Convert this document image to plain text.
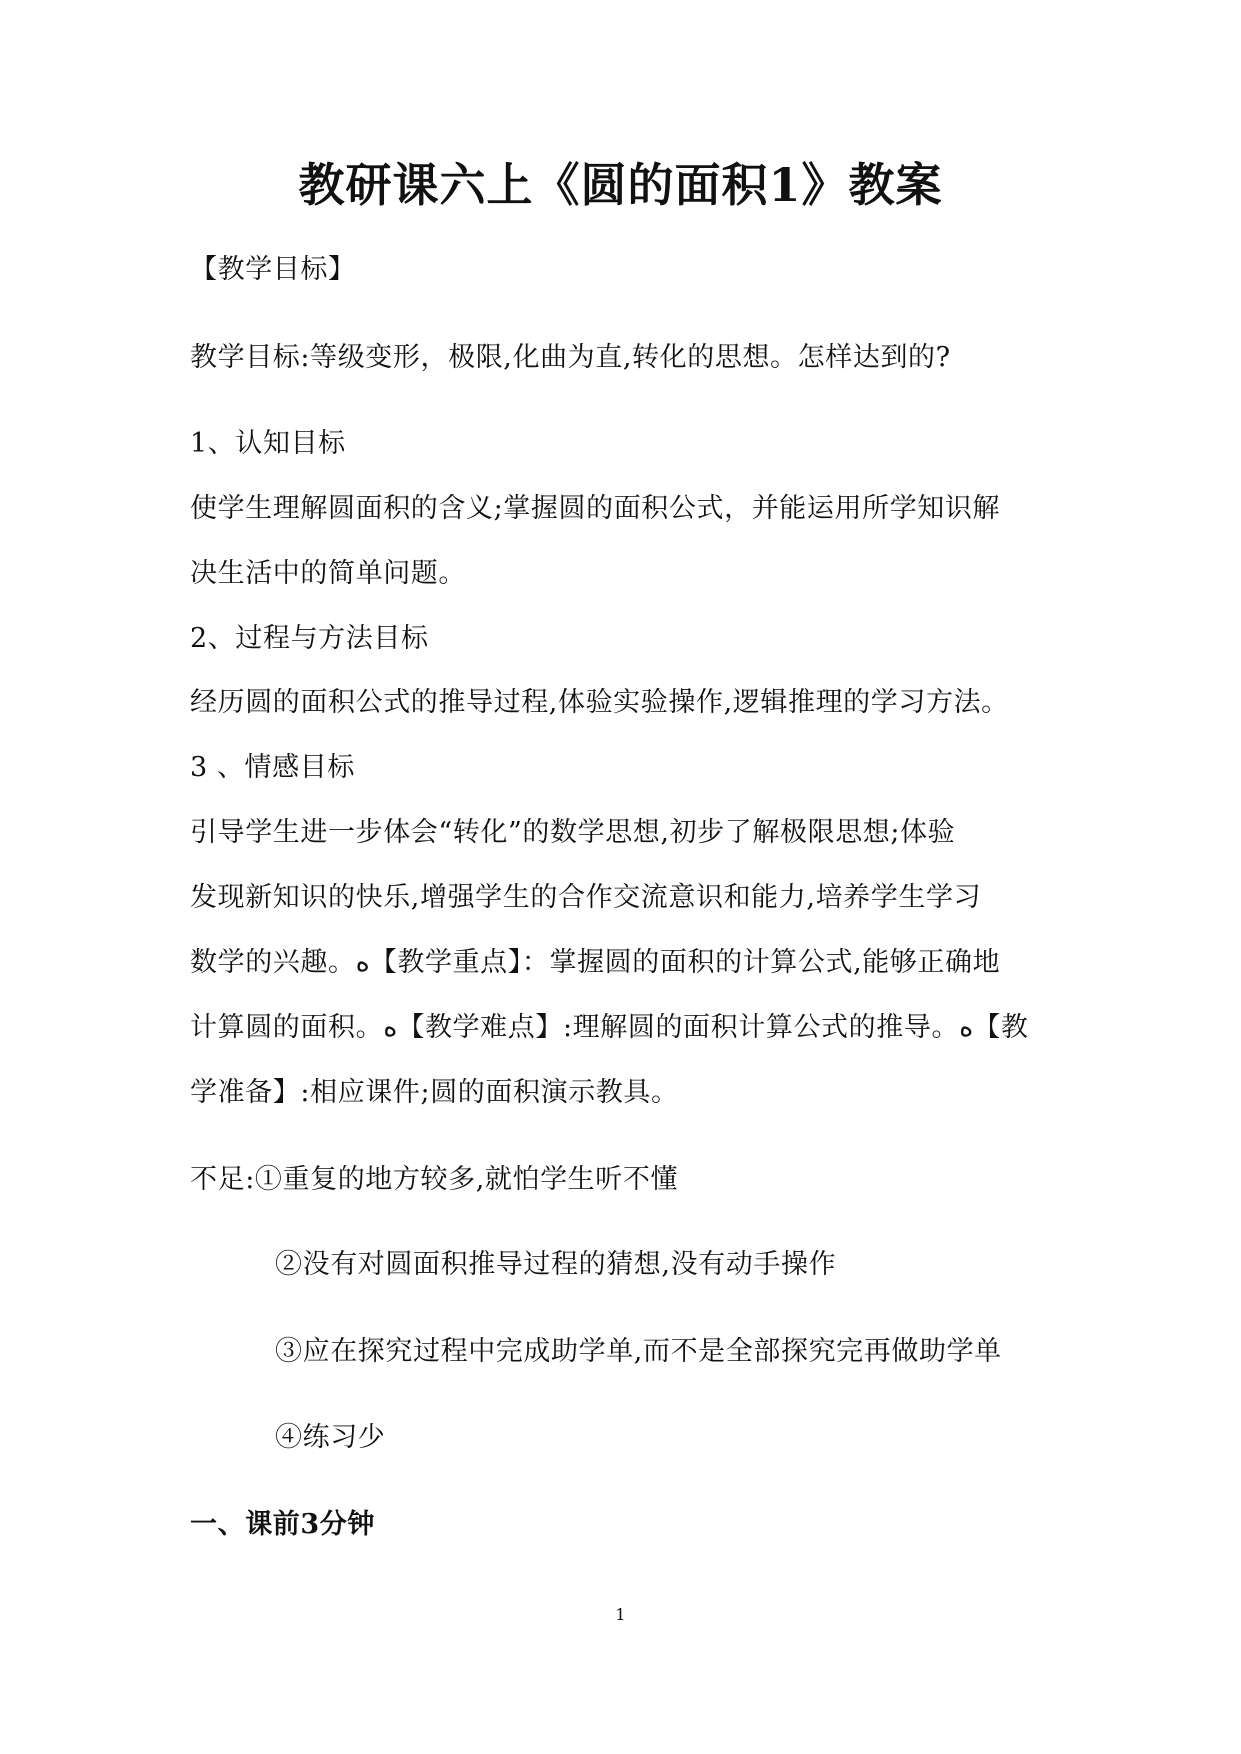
教研课六上《圆的面积1》教案

【教学目标】

教学目标:等级变形，极限,化曲为直,转化的思想。怎样达到的?

1、认知目标

使学生理解圆面积的含义;掌握圆的面积公式，并能运用所学知识解

决生活中的简单问题。

2、过程与方法目标

经历圆的面积公式的推导过程,体验实验操作,逻辑推理的学习方法。

3 、情感目标

引导学生进一步体会“转化”的数学思想,初步了解极限思想;体验

发现新知识的快乐,增强学生的合作交流意识和能力,培养学生学习

数学的兴趣。ﻩ【教学重点】：掌握圆的面积的计算公式,能够正确地

计算圆的面积。ﻩ【教学难点】:理解圆的面积计算公式的推导。ﻩ【教

学准备】:相应课件;圆的面积演示教具。

不足:①重复的地方较多,就怕学生听不懂

②没有对圆面积推导过程的猜想,没有动手操作

③应在探究过程中完成助学单,而不是全部探究完再做助学单

④练习少

一、课前3分钟

1
